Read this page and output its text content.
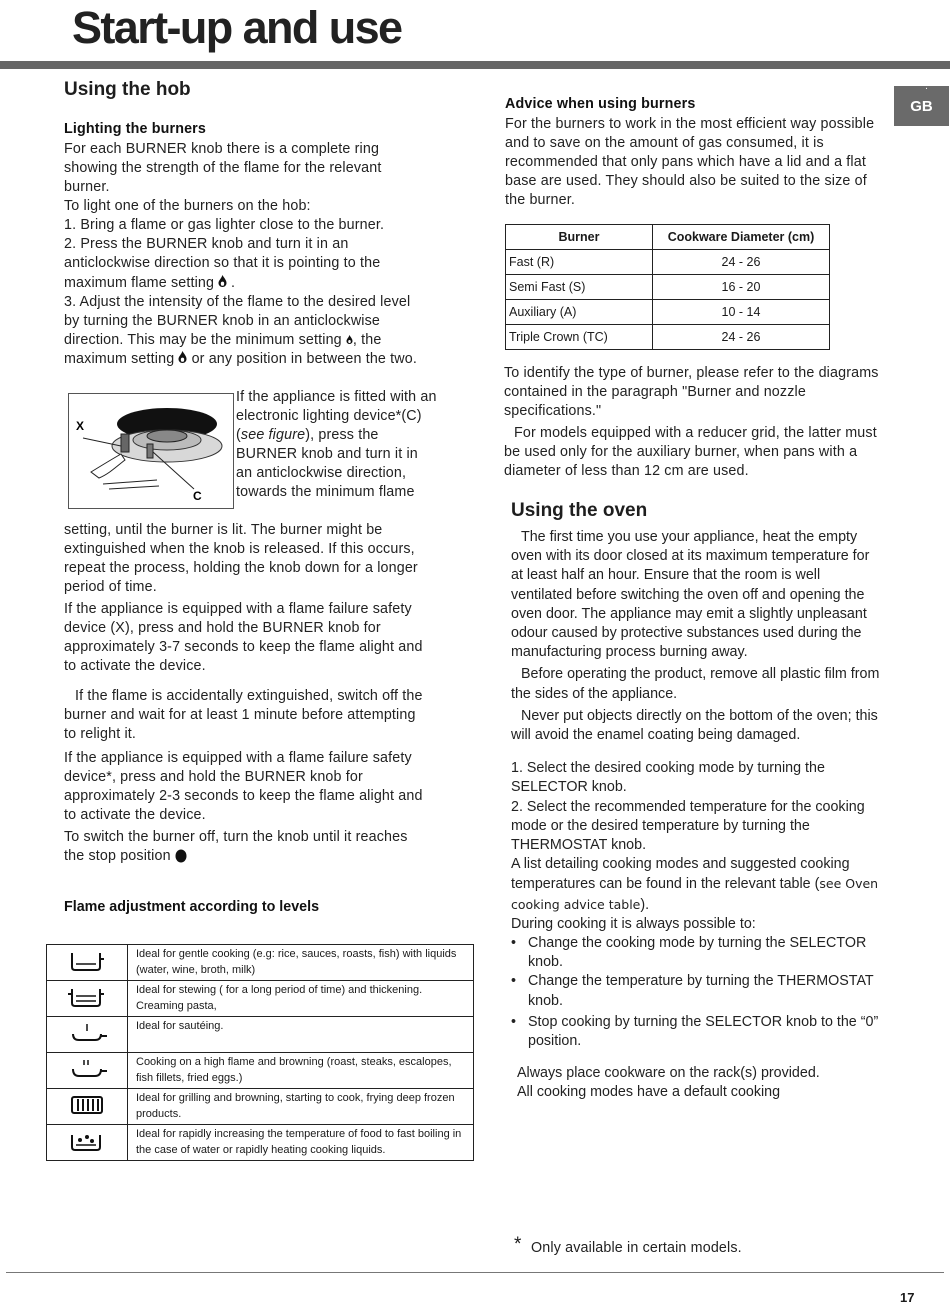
Start-up and use
GB
⋮
Using the hob
Lighting the burners
For each BURNER knob there is a complete ring showing the strength of the flame for the relevant burner.
To light one of the burners on the hob:
1. Bring a flame or gas lighter close to the burner.
2. Press the BURNER knob and turn it in an anticlockwise direction so that it is pointing to the maximum flame setting .
3. Adjust the intensity of the flame to the desired level by turning the BURNER knob in an anticlockwise direction. This may be the minimum setting , the maximum setting or any position in between the two.
X
C
If the appliance is fitted with an electronic lighting device*(C) (see figure), press the BURNER knob and turn it in an anticlockwise direction, towards the minimum flame
setting, until the burner is lit. The burner might be extinguished when the knob is released. If this occurs, repeat the process, holding the knob down for a longer period of time.
If the appliance is equipped with a flame failure safety device (X), press and hold the BURNER knob for approximately 3-7 seconds to keep the flame alight and to activate the device.
If the flame is accidentally extinguished, switch off the burner and wait for at least 1 minute before attempting to relight it.
If the appliance is equipped with a flame failure safety device*, press and hold the BURNER knob for approximately 2-3 seconds to keep the flame alight and to activate the device.
To switch the burner off, turn the knob until it reaches the stop position
Flame adjustment according to levels
	Ideal for gentle cooking (e.g: rice, sauces, roasts, fish) with liquids (water, wine, broth, milk)
	Ideal for stewing ( for a long period of time) and thickening. Creaming pasta,
	Ideal for sautéing.
	Cooking on a high flame and browning (roast, steaks, escalopes, fish fillets, fried eggs.)
	Ideal for grilling and browning, starting to cook, frying deep frozen products.
	Ideal for rapidly increasing the temperature of food to fast boiling in the case of water or rapidly heating cooking liquids.
Advice when using burners
For the burners to work in the most efficient way possible and to save on the amount of gas consumed, it is recommended that only pans which have a lid and a flat base are used. They should also be suited to the size of the burner.
Burner	Cookware Diameter (cm)
Fast (R)	24 - 26
Semi Fast (S)	16 - 20
Auxiliary (A)	10 - 14
Triple Crown (TC)	24 - 26
To identify the type of burner, please refer to the diagrams contained in the paragraph "Burner and nozzle specifications."
For models equipped with a reducer grid, the latter must be used only for the auxiliary burner, when pans with a diameter of less than 12 cm are used.
Using the oven
The first time you use your appliance, heat the empty oven with its door closed at its maximum temperature for at least half an hour. Ensure that the room is well ventilated before switching the oven off and opening the oven door. The appliance may emit a slightly unpleasant odour caused by protective substances used during the manufacturing process burning away.
Before operating the product, remove all plastic film from the sides of the appliance.
Never put objects directly on the bottom of the oven; this will avoid the enamel coating being damaged.
1. Select the desired cooking mode by turning the SELECTOR knob.
2. Select the recommended temperature for the cooking mode or the desired temperature by turning the THERMOSTAT knob.
A list detailing cooking modes and suggested cooking temperatures can be found in the relevant table (see Oven cooking advice table).
During cooking it is always possible to:
• Change the cooking mode by turning the SELECTOR knob.
• Change the temperature by turning the THERMOSTAT knob.
• Stop cooking by turning the SELECTOR knob to the “0” position.
Always place cookware on the rack(s) provided.
All cooking modes have a default cooking
* Only available in certain models.
17
